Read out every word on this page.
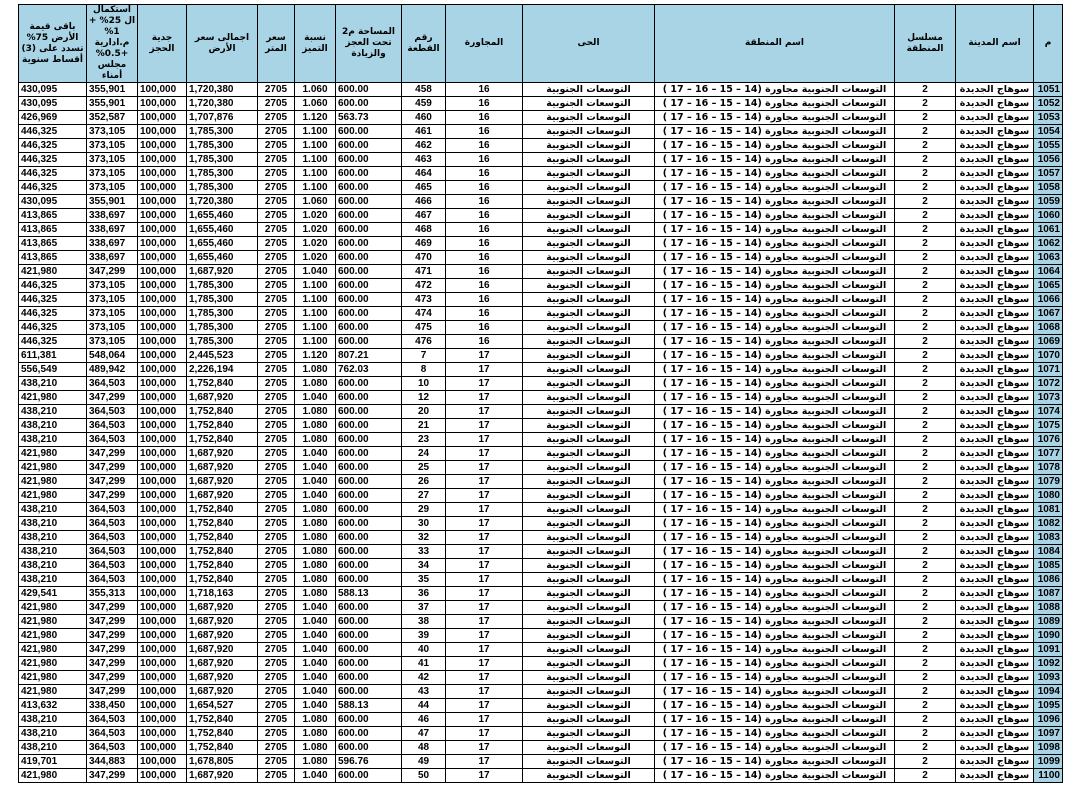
م	اسم المدينة	مسلسل المنطقة	اسم المنطقة	الحى	المجاورة	رقم القطعة	المساحة م2 تحت العجز والزيادة	نسبة التميز	سعر المتر	اجمالى سعر الأرض	جدية الحجز	استكمال ال 25% + 1% م.ادارية +0.5% مجلس أمناء	باقى قيمة الأرض 75% تسدد على (3) أقساط سنوية
1051	سوهاج الجديدة	2	التوسعات الجنوبية مجاورة (14 – 15 – 16 – 17 )	التوسعات الجنوبية	16	458	600.00	1.060	2705	1,720,380	100,000	355,901	430,095
1052	سوهاج الجديدة	2	التوسعات الجنوبية مجاورة (14 – 15 – 16 – 17 )	التوسعات الجنوبية	16	459	600.00	1.060	2705	1,720,380	100,000	355,901	430,095
1053	سوهاج الجديدة	2	التوسعات الجنوبية مجاورة (14 – 15 – 16 – 17 )	التوسعات الجنوبية	16	460	563.73	1.120	2705	1,707,876	100,000	352,587	426,969
1054	سوهاج الجديدة	2	التوسعات الجنوبية مجاورة (14 – 15 – 16 – 17 )	التوسعات الجنوبية	16	461	600.00	1.100	2705	1,785,300	100,000	373,105	446,325
1055	سوهاج الجديدة	2	التوسعات الجنوبية مجاورة (14 – 15 – 16 – 17 )	التوسعات الجنوبية	16	462	600.00	1.100	2705	1,785,300	100,000	373,105	446,325
1056	سوهاج الجديدة	2	التوسعات الجنوبية مجاورة (14 – 15 – 16 – 17 )	التوسعات الجنوبية	16	463	600.00	1.100	2705	1,785,300	100,000	373,105	446,325
1057	سوهاج الجديدة	2	التوسعات الجنوبية مجاورة (14 – 15 – 16 – 17 )	التوسعات الجنوبية	16	464	600.00	1.100	2705	1,785,300	100,000	373,105	446,325
1058	سوهاج الجديدة	2	التوسعات الجنوبية مجاورة (14 – 15 – 16 – 17 )	التوسعات الجنوبية	16	465	600.00	1.100	2705	1,785,300	100,000	373,105	446,325
1059	سوهاج الجديدة	2	التوسعات الجنوبية مجاورة (14 – 15 – 16 – 17 )	التوسعات الجنوبية	16	466	600.00	1.060	2705	1,720,380	100,000	355,901	430,095
1060	سوهاج الجديدة	2	التوسعات الجنوبية مجاورة (14 – 15 – 16 – 17 )	التوسعات الجنوبية	16	467	600.00	1.020	2705	1,655,460	100,000	338,697	413,865
1061	سوهاج الجديدة	2	التوسعات الجنوبية مجاورة (14 – 15 – 16 – 17 )	التوسعات الجنوبية	16	468	600.00	1.020	2705	1,655,460	100,000	338,697	413,865
1062	سوهاج الجديدة	2	التوسعات الجنوبية مجاورة (14 – 15 – 16 – 17 )	التوسعات الجنوبية	16	469	600.00	1.020	2705	1,655,460	100,000	338,697	413,865
1063	سوهاج الجديدة	2	التوسعات الجنوبية مجاورة (14 – 15 – 16 – 17 )	التوسعات الجنوبية	16	470	600.00	1.020	2705	1,655,460	100,000	338,697	413,865
1064	سوهاج الجديدة	2	التوسعات الجنوبية مجاورة (14 – 15 – 16 – 17 )	التوسعات الجنوبية	16	471	600.00	1.040	2705	1,687,920	100,000	347,299	421,980
1065	سوهاج الجديدة	2	التوسعات الجنوبية مجاورة (14 – 15 – 16 – 17 )	التوسعات الجنوبية	16	472	600.00	1.100	2705	1,785,300	100,000	373,105	446,325
1066	سوهاج الجديدة	2	التوسعات الجنوبية مجاورة (14 – 15 – 16 – 17 )	التوسعات الجنوبية	16	473	600.00	1.100	2705	1,785,300	100,000	373,105	446,325
1067	سوهاج الجديدة	2	التوسعات الجنوبية مجاورة (14 – 15 – 16 – 17 )	التوسعات الجنوبية	16	474	600.00	1.100	2705	1,785,300	100,000	373,105	446,325
1068	سوهاج الجديدة	2	التوسعات الجنوبية مجاورة (14 – 15 – 16 – 17 )	التوسعات الجنوبية	16	475	600.00	1.100	2705	1,785,300	100,000	373,105	446,325
1069	سوهاج الجديدة	2	التوسعات الجنوبية مجاورة (14 – 15 – 16 – 17 )	التوسعات الجنوبية	16	476	600.00	1.100	2705	1,785,300	100,000	373,105	446,325
1070	سوهاج الجديدة	2	التوسعات الجنوبية مجاورة (14 – 15 – 16 – 17 )	التوسعات الجنوبية	17	7	807.21	1.120	2705	2,445,523	100,000	548,064	611,381
1071	سوهاج الجديدة	2	التوسعات الجنوبية مجاورة (14 – 15 – 16 – 17 )	التوسعات الجنوبية	17	8	762.03	1.080	2705	2,226,194	100,000	489,942	556,549
1072	سوهاج الجديدة	2	التوسعات الجنوبية مجاورة (14 – 15 – 16 – 17 )	التوسعات الجنوبية	17	10	600.00	1.080	2705	1,752,840	100,000	364,503	438,210
1073	سوهاج الجديدة	2	التوسعات الجنوبية مجاورة (14 – 15 – 16 – 17 )	التوسعات الجنوبية	17	12	600.00	1.040	2705	1,687,920	100,000	347,299	421,980
1074	سوهاج الجديدة	2	التوسعات الجنوبية مجاورة (14 – 15 – 16 – 17 )	التوسعات الجنوبية	17	20	600.00	1.080	2705	1,752,840	100,000	364,503	438,210
1075	سوهاج الجديدة	2	التوسعات الجنوبية مجاورة (14 – 15 – 16 – 17 )	التوسعات الجنوبية	17	21	600.00	1.080	2705	1,752,840	100,000	364,503	438,210
1076	سوهاج الجديدة	2	التوسعات الجنوبية مجاورة (14 – 15 – 16 – 17 )	التوسعات الجنوبية	17	23	600.00	1.080	2705	1,752,840	100,000	364,503	438,210
1077	سوهاج الجديدة	2	التوسعات الجنوبية مجاورة (14 – 15 – 16 – 17 )	التوسعات الجنوبية	17	24	600.00	1.040	2705	1,687,920	100,000	347,299	421,980
1078	سوهاج الجديدة	2	التوسعات الجنوبية مجاورة (14 – 15 – 16 – 17 )	التوسعات الجنوبية	17	25	600.00	1.040	2705	1,687,920	100,000	347,299	421,980
1079	سوهاج الجديدة	2	التوسعات الجنوبية مجاورة (14 – 15 – 16 – 17 )	التوسعات الجنوبية	17	26	600.00	1.040	2705	1,687,920	100,000	347,299	421,980
1080	سوهاج الجديدة	2	التوسعات الجنوبية مجاورة (14 – 15 – 16 – 17 )	التوسعات الجنوبية	17	27	600.00	1.040	2705	1,687,920	100,000	347,299	421,980
1081	سوهاج الجديدة	2	التوسعات الجنوبية مجاورة (14 – 15 – 16 – 17 )	التوسعات الجنوبية	17	29	600.00	1.080	2705	1,752,840	100,000	364,503	438,210
1082	سوهاج الجديدة	2	التوسعات الجنوبية مجاورة (14 – 15 – 16 – 17 )	التوسعات الجنوبية	17	30	600.00	1.080	2705	1,752,840	100,000	364,503	438,210
1083	سوهاج الجديدة	2	التوسعات الجنوبية مجاورة (14 – 15 – 16 – 17 )	التوسعات الجنوبية	17	32	600.00	1.080	2705	1,752,840	100,000	364,503	438,210
1084	سوهاج الجديدة	2	التوسعات الجنوبية مجاورة (14 – 15 – 16 – 17 )	التوسعات الجنوبية	17	33	600.00	1.080	2705	1,752,840	100,000	364,503	438,210
1085	سوهاج الجديدة	2	التوسعات الجنوبية مجاورة (14 – 15 – 16 – 17 )	التوسعات الجنوبية	17	34	600.00	1.080	2705	1,752,840	100,000	364,503	438,210
1086	سوهاج الجديدة	2	التوسعات الجنوبية مجاورة (14 – 15 – 16 – 17 )	التوسعات الجنوبية	17	35	600.00	1.080	2705	1,752,840	100,000	364,503	438,210
1087	سوهاج الجديدة	2	التوسعات الجنوبية مجاورة (14 – 15 – 16 – 17 )	التوسعات الجنوبية	17	36	588.13	1.080	2705	1,718,163	100,000	355,313	429,541
1088	سوهاج الجديدة	2	التوسعات الجنوبية مجاورة (14 – 15 – 16 – 17 )	التوسعات الجنوبية	17	37	600.00	1.040	2705	1,687,920	100,000	347,299	421,980
1089	سوهاج الجديدة	2	التوسعات الجنوبية مجاورة (14 – 15 – 16 – 17 )	التوسعات الجنوبية	17	38	600.00	1.040	2705	1,687,920	100,000	347,299	421,980
1090	سوهاج الجديدة	2	التوسعات الجنوبية مجاورة (14 – 15 – 16 – 17 )	التوسعات الجنوبية	17	39	600.00	1.040	2705	1,687,920	100,000	347,299	421,980
1091	سوهاج الجديدة	2	التوسعات الجنوبية مجاورة (14 – 15 – 16 – 17 )	التوسعات الجنوبية	17	40	600.00	1.040	2705	1,687,920	100,000	347,299	421,980
1092	سوهاج الجديدة	2	التوسعات الجنوبية مجاورة (14 – 15 – 16 – 17 )	التوسعات الجنوبية	17	41	600.00	1.040	2705	1,687,920	100,000	347,299	421,980
1093	سوهاج الجديدة	2	التوسعات الجنوبية مجاورة (14 – 15 – 16 – 17 )	التوسعات الجنوبية	17	42	600.00	1.040	2705	1,687,920	100,000	347,299	421,980
1094	سوهاج الجديدة	2	التوسعات الجنوبية مجاورة (14 – 15 – 16 – 17 )	التوسعات الجنوبية	17	43	600.00	1.040	2705	1,687,920	100,000	347,299	421,980
1095	سوهاج الجديدة	2	التوسعات الجنوبية مجاورة (14 – 15 – 16 – 17 )	التوسعات الجنوبية	17	44	588.13	1.040	2705	1,654,527	100,000	338,450	413,632
1096	سوهاج الجديدة	2	التوسعات الجنوبية مجاورة (14 – 15 – 16 – 17 )	التوسعات الجنوبية	17	46	600.00	1.080	2705	1,752,840	100,000	364,503	438,210
1097	سوهاج الجديدة	2	التوسعات الجنوبية مجاورة (14 – 15 – 16 – 17 )	التوسعات الجنوبية	17	47	600.00	1.080	2705	1,752,840	100,000	364,503	438,210
1098	سوهاج الجديدة	2	التوسعات الجنوبية مجاورة (14 – 15 – 16 – 17 )	التوسعات الجنوبية	17	48	600.00	1.080	2705	1,752,840	100,000	364,503	438,210
1099	سوهاج الجديدة	2	التوسعات الجنوبية مجاورة (14 – 15 – 16 – 17 )	التوسعات الجنوبية	17	49	596.76	1.080	2705	1,678,805	100,000	344,883	419,701
1100	سوهاج الجديدة	2	التوسعات الجنوبية مجاورة (14 – 15 – 16 – 17 )	التوسعات الجنوبية	17	50	600.00	1.040	2705	1,687,920	100,000	347,299	421,980
